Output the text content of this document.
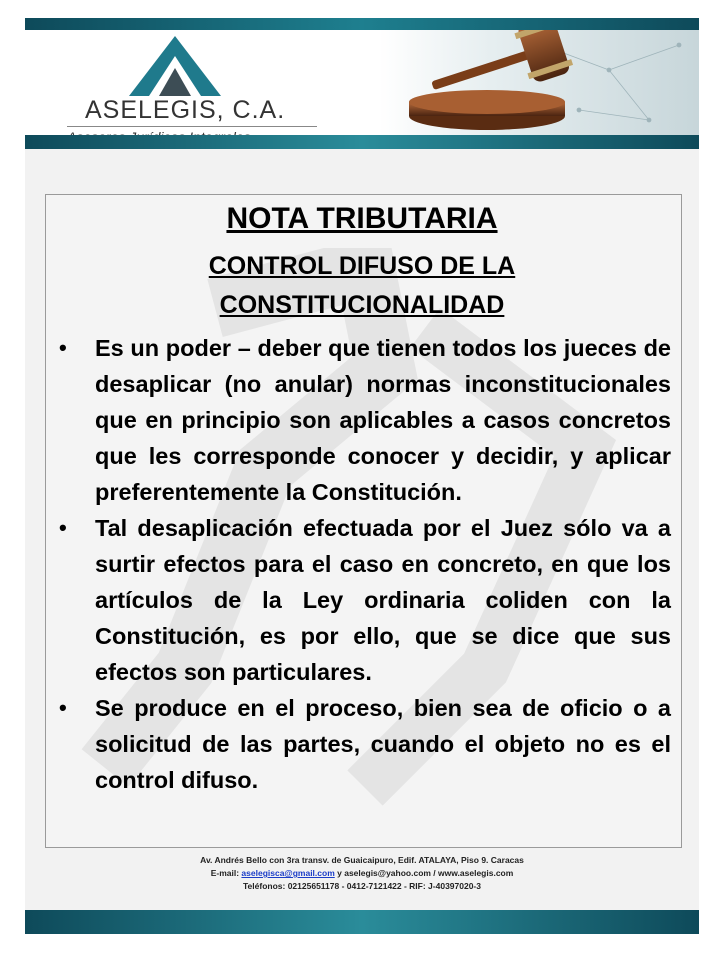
ASELEGIS, C.A.
NOTA TRIBUTARIA
CONTROL DIFUSO DE LA
CONSTITUCIONALIDAD
• Es un poder – deber que tienen todos los jueces de desaplicar (no anular) normas inconstitucionales que en principio son aplicables a casos concretos que les corresponde conocer y decidir, y aplicar preferentemente la Constitución.
• Tal desaplicación efectuada por el Juez sólo va a surtir efectos para el caso en concreto, en que los artículos de la Ley ordinaria coliden con la Constitución, es por ello, que se dice que sus efectos son particulares.
• Se produce en el proceso, bien sea de oficio o a solicitud de las partes, cuando el objeto no es el control difuso.
Av. Andrés Bello con 3ra transv. de Guaicaipuro, Edif. ATALAYA, Piso 9. Caracas
E-mail: aselegisca@gmail.com y aselegis@yahoo.com / www.aselegis.com
Teléfonos: 02125651178 - 0412-7121422 - RIF: J-40397020-3
